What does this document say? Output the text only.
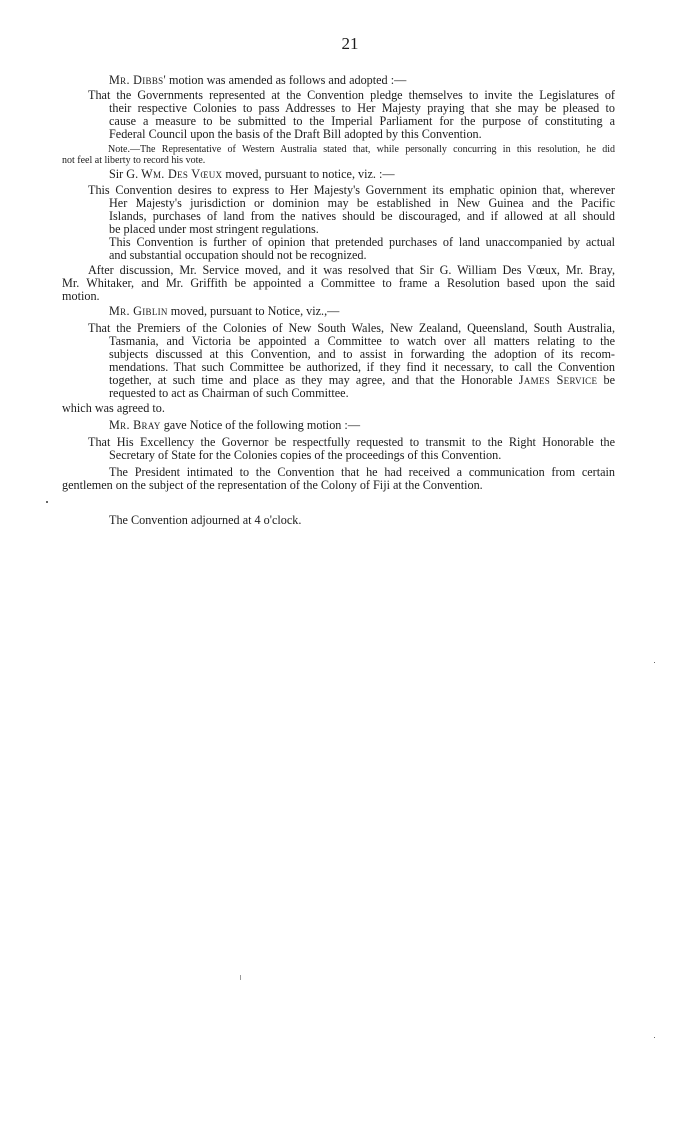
21
Mr. Dibbs' motion was amended as follows and adopted :—
That the Governments represented at the Convention pledge themselves to invite the Legislatures of
their respective Colonies to pass Addresses to Her Majesty praying that she may be pleased to
cause a measure to be submitted to the Imperial Parliament for the purpose of constituting a
Federal Council upon the basis of the Draft Bill adopted by this Convention.
Note.—The Representative of Western Australia stated that, while personally concurring in this resolution, he did
not feel at liberty to record his vote.
Sir G. Wm. Des Vœux moved, pursuant to notice, viz. :—
This Convention desires to express to Her Majesty's Government its emphatic opinion that, wherever
Her Majesty's jurisdiction or dominion may be established in New Guinea and the Pacific
Islands, purchases of land from the natives should be discouraged, and if allowed at all should
be placed under most stringent regulations.
This Convention is further of opinion that pretended purchases of land unaccompanied by actual
and substantial occupation should not be recognized.
After discussion, Mr. Service moved, and it was resolved that Sir G. William Des Vœux, Mr. Bray,
Mr. Whitaker, and Mr. Griffith be appointed a Committee to frame a Resolution based upon the said
motion.
Mr. Giblin moved, pursuant to Notice, viz.,—
That the Premiers of the Colonies of New South Wales, New Zealand, Queensland, South Australia,
Tasmania, and Victoria be appointed a Committee to watch over all matters relating to the
subjects discussed at this Convention, and to assist in forwarding the adoption of its recom-
mendations. That such Committee be authorized, if they find it necessary, to call the Convention
together, at such time and place as they may agree, and that the Honorable James Service be
requested to act as Chairman of such Committee.
which was agreed to.
Mr. Bray gave Notice of the following motion :—
That His Excellency the Governor be respectfully requested to transmit to the Right Honorable the
Secretary of State for the Colonies copies of the proceedings of this Convention.
The President intimated to the Convention that he had received a communication from certain
gentlemen on the subject of the representation of the Colony of Fiji at the Convention.
The Convention adjourned at 4 o'clock.
